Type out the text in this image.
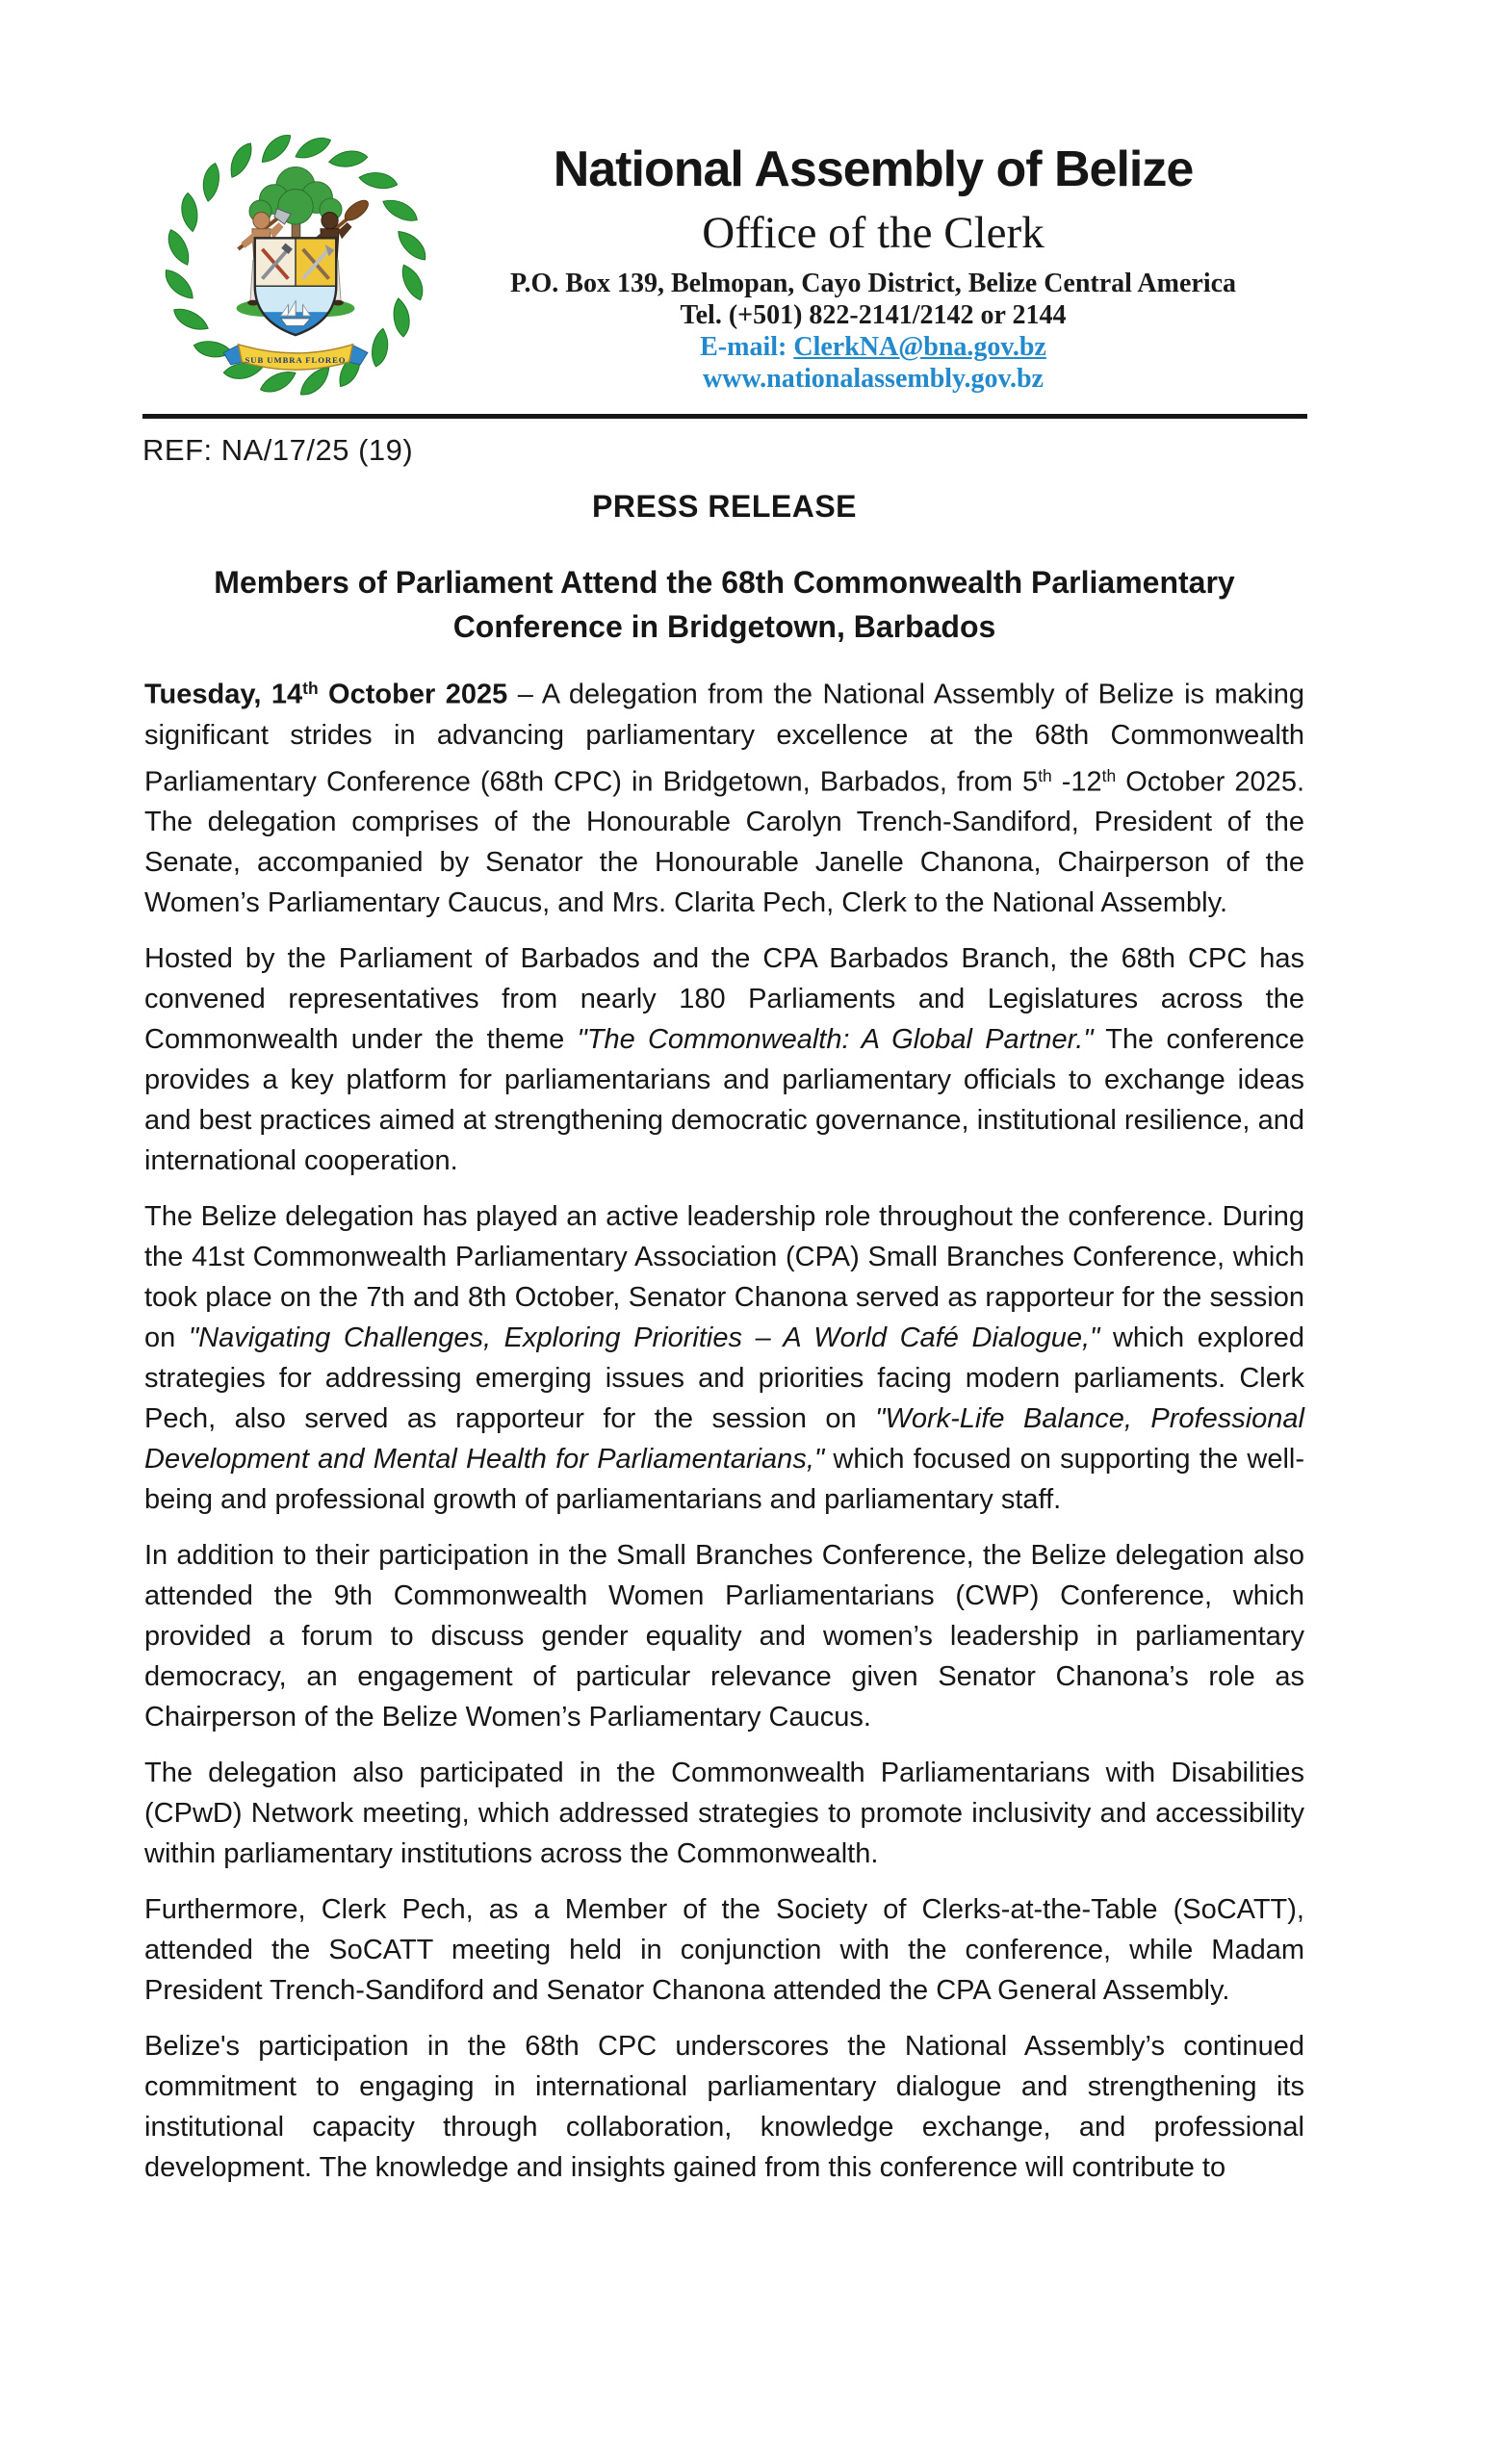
SUB UMBRA FLOREO
National Assembly of Belize
Office of the Clerk
P.O. Box 139, Belmopan, Cayo District, Belize Central America
Tel. (+501) 822-2141/2142 or 2144
E-mail: ClerkNA@bna.gov.bz
www.nationalassembly.gov.bz
REF: NA/17/25 (19)
PRESS RELEASE
Members of Parliament Attend the 68th Commonwealth Parliamentary
Conference in Bridgetown, Barbados

Tuesday, 14th October 2025 – A delegation from the National Assembly of Belize is making significant strides in advancing parliamentary excellence at the 68th Commonwealth Parliamentary Conference (68th CPC) in Bridgetown, Barbados, from 5th -12th October 2025. The delegation comprises of the Honourable Carolyn Trench-Sandiford, President of the Senate, accompanied by Senator the Honourable Janelle Chanona, Chairperson of the Women’s Parliamentary Caucus, and Mrs. Clarita Pech, Clerk to the National Assembly.

Hosted by the Parliament of Barbados and the CPA Barbados Branch, the 68th CPC has convened representatives from nearly 180 Parliaments and Legislatures across the Commonwealth under the theme "The Commonwealth: A Global Partner." The conference provides a key platform for parliamentarians and parliamentary officials to exchange ideas and best practices aimed at strengthening democratic governance, institutional resilience, and international cooperation.

The Belize delegation has played an active leadership role throughout the conference. During the 41st Commonwealth Parliamentary Association (CPA) Small Branches Conference, which took place on the 7th and 8th October, Senator Chanona served as rapporteur for the session on "Navigating Challenges, Exploring Priorities – A World Café Dialogue," which explored strategies for addressing emerging issues and priorities facing modern parliaments. Clerk Pech, also served as rapporteur for the session on "Work-Life Balance, Professional Development and Mental Health for Parliamentarians," which focused on supporting the well-being and professional growth of parliamentarians and parliamentary staff.

In addition to their participation in the Small Branches Conference, the Belize delegation also attended the 9th Commonwealth Women Parliamentarians (CWP) Conference, which provided a forum to discuss gender equality and women’s leadership in parliamentary democracy, an engagement of particular relevance given Senator Chanona’s role as Chairperson of the Belize Women’s Parliamentary Caucus.

The delegation also participated in the Commonwealth Parliamentarians with Disabilities (CPwD) Network meeting, which addressed strategies to promote inclusivity and accessibility within parliamentary institutions across the Commonwealth.

Furthermore, Clerk Pech, as a Member of the Society of Clerks-at-the-Table (SoCATT), attended the SoCATT meeting held in conjunction with the conference, while Madam President Trench-Sandiford and Senator Chanona attended the CPA General Assembly.

Belize's participation in the 68th CPC underscores the National Assembly’s continued commitment to engaging in international parliamentary dialogue and strengthening its institutional capacity through collaboration, knowledge exchange, and professional development. The knowledge and insights gained from this conference will contribute to
